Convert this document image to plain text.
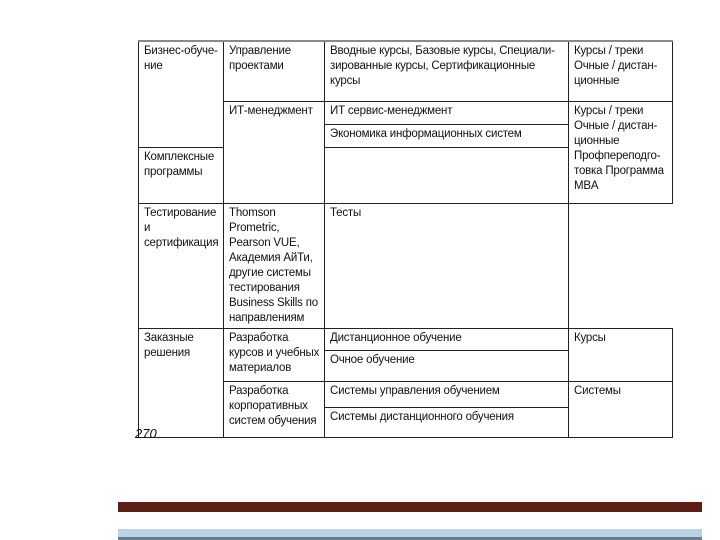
Бизнес-обуче-ние	Управление проектами	Вводные курсы, Базовые курсы, Специали-зированные курсы, Сертификационные курсы	Курсы / треки Очные / дистан-ционные
	ИТ-менеджмент	ИТ сервис-менеджмент	Курсы / треки Очные / дистан-ционные Профпереподго-товка Программа MBA
		Экономика информационных систем	
Комплексные программы			
Тестирование и сертификация	Thomson Prometric, Pearson VUE, Академия АйТи, другие системы тестирования Business Skills по направлениям	Тесты	
Заказные решения	Разработка курсов и учебных материалов	Дистанционное обучение	Курсы
		Очное обучение	
	Разработка корпоративных систем обучения	Системы управления обучением	Системы
		Системы дистанционного обучения	
270
